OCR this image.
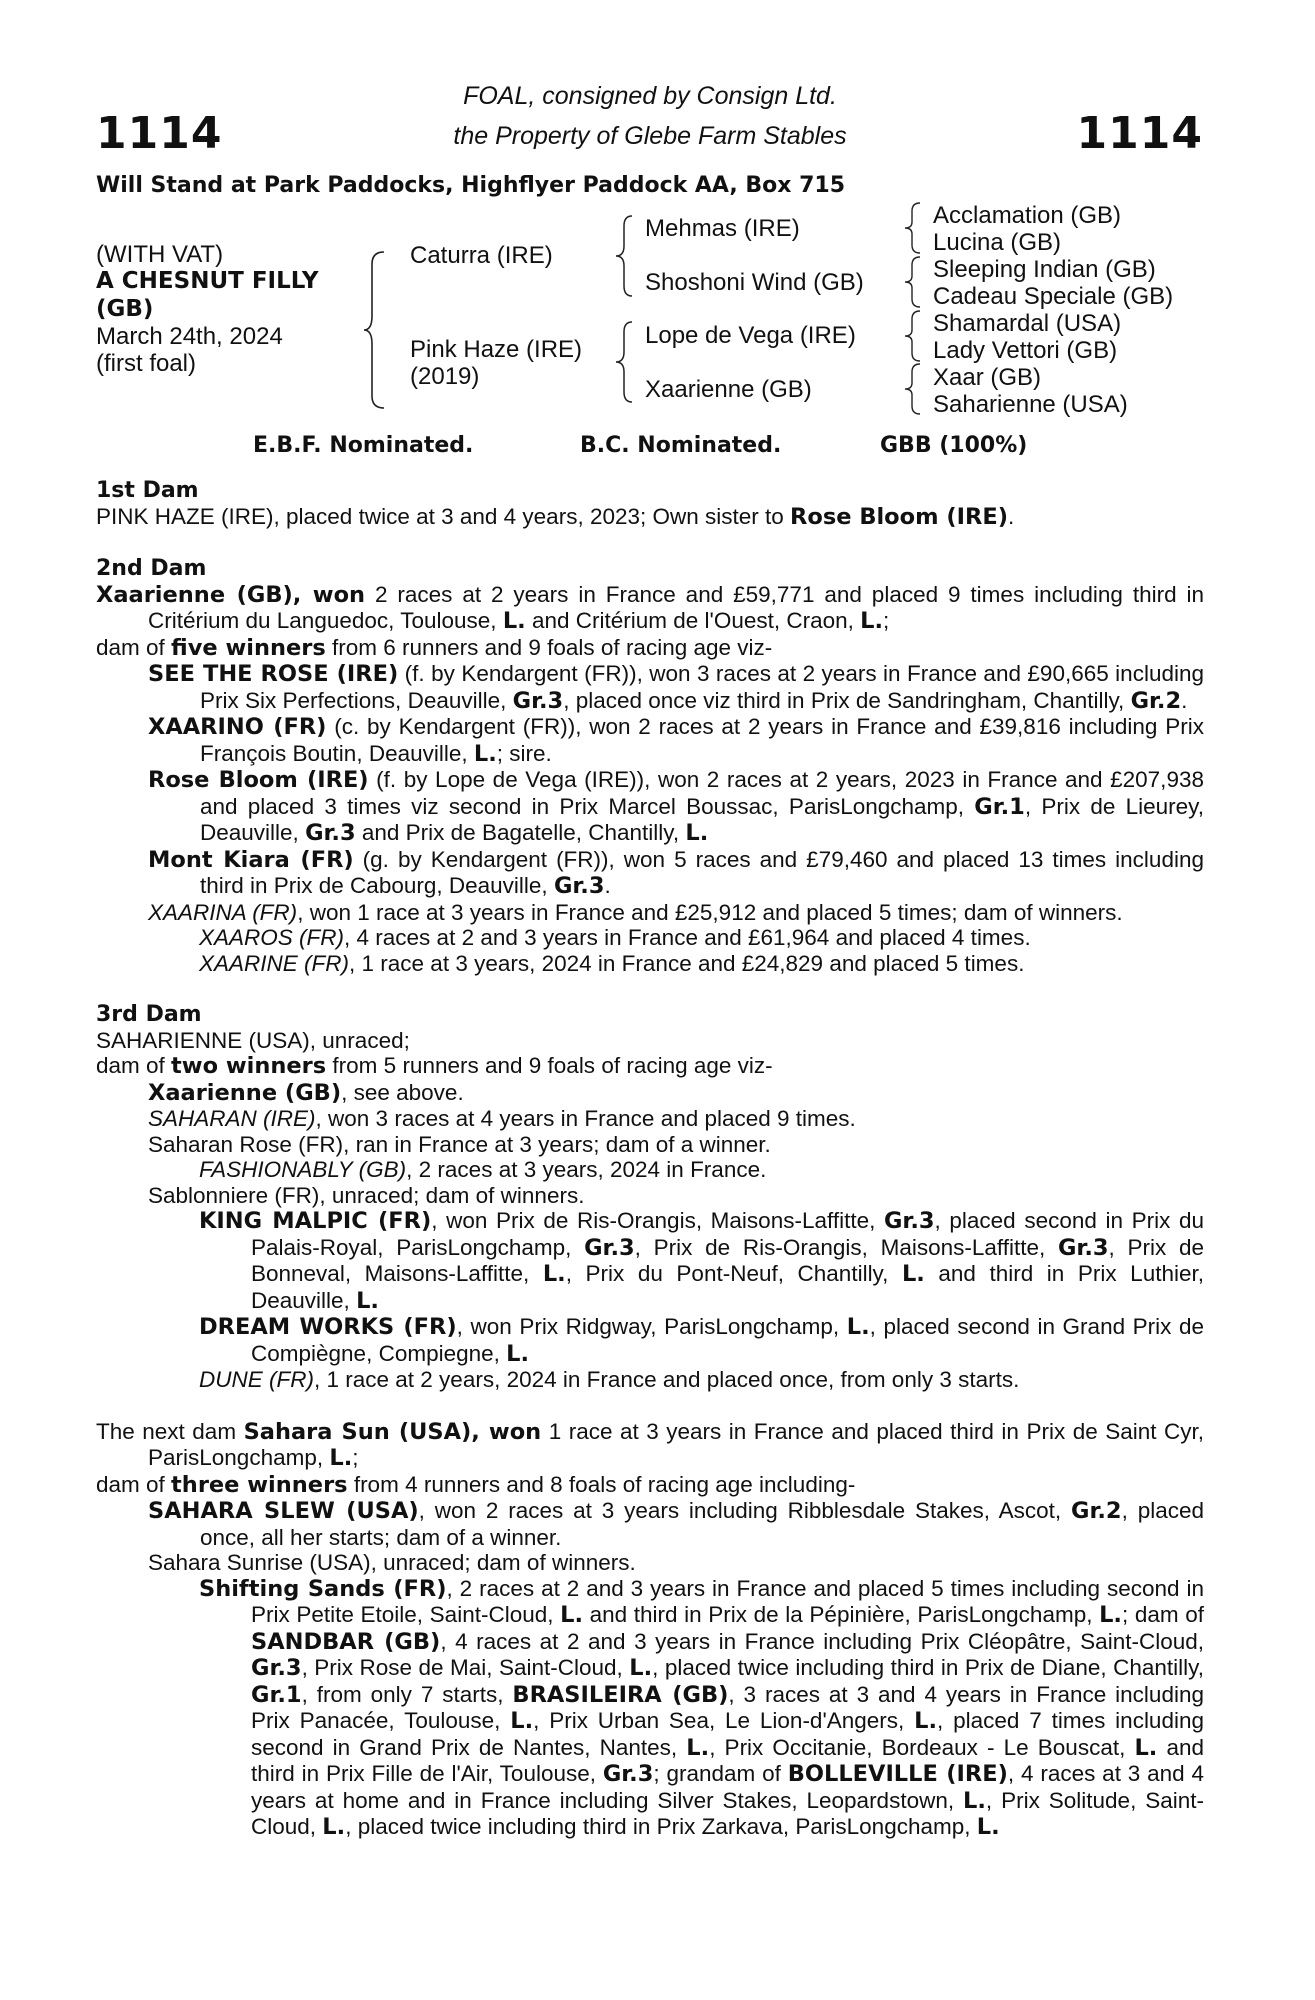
1114	1114
FOAL, consigned by Consign Ltd.
the Property of Glebe Farm Stables
Will Stand at Park Paddocks, Highflyer Paddock AA, Box 715
(WITH VAT)
A CHESNUT FILLY
(GB)
March 24th, 2024
(first foal)
Caturra (IRE)
Pink Haze (IRE)
(2019)
Mehmas (IRE)
Shoshoni Wind (GB)
Lope de Vega (IRE)
Xaarienne (GB)
Acclamation (GB)
Lucina (GB)
Sleeping Indian (GB)
Cadeau Speciale (GB)
Shamardal (USA)
Lady Vettori (GB)
Xaar (GB)
Saharienne (USA)
E.B.F. Nominated.	B.C. Nominated.	GBB (100%)
1st Dam
PINK HAZE (IRE), placed twice at 3 and 4 years, 2023; Own sister to Rose Bloom (IRE).
2nd Dam
Xaarienne (GB), won 2 races at 2 years in France and £59,771 and placed 9 times including third in Critérium du Languedoc, Toulouse, L. and Critérium de l'Ouest, Craon, L.;
dam of five winners from 6 runners and 9 foals of racing age viz-
SEE THE ROSE (IRE) (f. by Kendargent (FR)), won 3 races at 2 years in France and £90,665 including Prix Six Perfections, Deauville, Gr.3, placed once viz third in Prix de Sandringham, Chantilly, Gr.2.
XAARINO (FR) (c. by Kendargent (FR)), won 2 races at 2 years in France and £39,816 including Prix François Boutin, Deauville, L.; sire.
Rose Bloom (IRE) (f. by Lope de Vega (IRE)), won 2 races at 2 years, 2023 in France and £207,938 and placed 3 times viz second in Prix Marcel Boussac, ParisLongchamp, Gr.1, Prix de Lieurey, Deauville, Gr.3 and Prix de Bagatelle, Chantilly, L.
Mont Kiara (FR) (g. by Kendargent (FR)), won 5 races and £79,460 and placed 13 times including third in Prix de Cabourg, Deauville, Gr.3.
XAARINA (FR), won 1 race at 3 years in France and £25,912 and placed 5 times; dam of winners.
XAAROS (FR), 4 races at 2 and 3 years in France and £61,964 and placed 4 times.
XAARINE (FR), 1 race at 3 years, 2024 in France and £24,829 and placed 5 times.
3rd Dam
SAHARIENNE (USA), unraced;
dam of two winners from 5 runners and 9 foals of racing age viz-
Xaarienne (GB), see above.
SAHARAN (IRE), won 3 races at 4 years in France and placed 9 times.
Saharan Rose (FR), ran in France at 3 years; dam of a winner.
FASHIONABLY (GB), 2 races at 3 years, 2024 in France.
Sablonniere (FR), unraced; dam of winners.
KING MALPIC (FR), won Prix de Ris-Orangis, Maisons-Laffitte, Gr.3, placed second in Prix du Palais-Royal, ParisLongchamp, Gr.3, Prix de Ris-Orangis, Maisons-Laffitte, Gr.3, Prix de Bonneval, Maisons-Laffitte, L., Prix du Pont-Neuf, Chantilly, L. and third in Prix Luthier, Deauville, L.
DREAM WORKS (FR), won Prix Ridgway, ParisLongchamp, L., placed second in Grand Prix de Compiègne, Compiegne, L.
DUNE (FR), 1 race at 2 years, 2024 in France and placed once, from only 3 starts.
The next dam Sahara Sun (USA), won 1 race at 3 years in France and placed third in Prix de Saint Cyr, ParisLongchamp, L.;
dam of three winners from 4 runners and 8 foals of racing age including-
SAHARA SLEW (USA), won 2 races at 3 years including Ribblesdale Stakes, Ascot, Gr.2, placed once, all her starts; dam of a winner.
Sahara Sunrise (USA), unraced; dam of winners.
Shifting Sands (FR), 2 races at 2 and 3 years in France and placed 5 times including second in Prix Petite Etoile, Saint-Cloud, L. and third in Prix de la Pépinière, ParisLongchamp, L.; dam of SANDBAR (GB), 4 races at 2 and 3 years in France including Prix Cléopâtre, Saint-Cloud, Gr.3, Prix Rose de Mai, Saint-Cloud, L., placed twice including third in Prix de Diane, Chantilly, Gr.1, from only 7 starts, BRASILEIRA (GB), 3 races at 3 and 4 years in France including Prix Panacée, Toulouse, L., Prix Urban Sea, Le Lion-d'Angers, L., placed 7 times including second in Grand Prix de Nantes, Nantes, L., Prix Occitanie, Bordeaux - Le Bouscat, L. and third in Prix Fille de l'Air, Toulouse, Gr.3; grandam of BOLLEVILLE (IRE), 4 races at 3 and 4 years at home and in France including Silver Stakes, Leopardstown, L., Prix Solitude, Saint-Cloud, L., placed twice including third in Prix Zarkava, ParisLongchamp, L.
